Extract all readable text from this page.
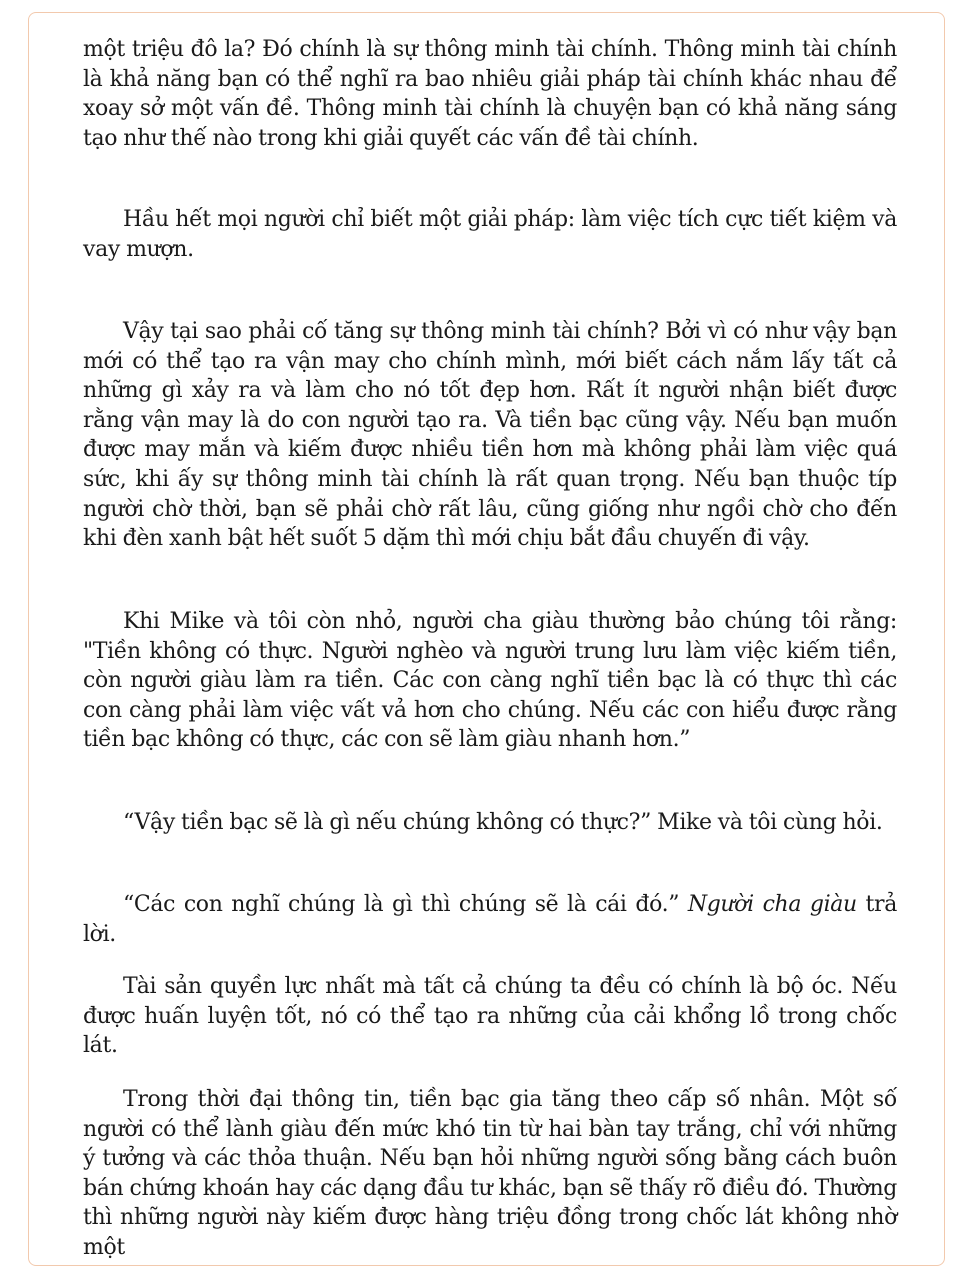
một triệu đô la? Đó chính là sự thông minh tài chính. Thông minh tài chính là khả năng bạn có thể nghĩ ra bao nhiêu giải pháp tài chính khác nhau để xoay sở một vấn đề. Thông minh tài chính là chuyện bạn có khả năng sáng tạo như thế nào trong khi giải quyết các vấn đề tài chính.

Hầu hết mọi người chỉ biết một giải pháp: làm việc tích cực tiết kiệm và vay mượn.

Vậy tại sao phải cố tăng sự thông minh tài chính? Bởi vì có như vậy bạn mới có thể tạo ra vận may cho chính mình, mới biết cách nắm lấy tất cả những gì xảy ra và làm cho nó tốt đẹp hơn. Rất ít người nhận biết được rằng vận may là do con người tạo ra. Và tiền bạc cũng vậy. Nếu bạn muốn được may mắn và kiếm được nhiều tiền hơn mà không phải làm việc quá sức, khi ấy sự thông minh tài chính là rất quan trọng. Nếu bạn thuộc típ người chờ thời, bạn sẽ phải chờ rất lâu, cũng giống như ngồi chờ cho đến khi đèn xanh bật hết suốt 5 dặm thì mới chịu bắt đầu chuyến đi vậy.

Khi Mike và tôi còn nhỏ, người cha giàu thường bảo chúng tôi rằng: "Tiền không có thực. Người nghèo và người trung lưu làm việc kiếm tiền, còn người giàu làm ra tiền. Các con càng nghĩ tiền bạc là có thực thì các con càng phải làm việc vất vả hơn cho chúng. Nếu các con hiểu được rằng tiền bạc không có thực, các con sẽ làm giàu nhanh hơn.”

“Vậy tiền bạc sẽ là gì nếu chúng không có thực?” Mike và tôi cùng hỏi.

“Các con nghĩ chúng là gì thì chúng sẽ là cái đó.” Người cha giàu trả lời.

Tài sản quyền lực nhất mà tất cả chúng ta đều có chính là bộ óc. Nếu được huấn luyện tốt, nó có thể tạo ra những của cải khổng lồ trong chốc lát.

Trong thời đại thông tin, tiền bạc gia tăng theo cấp số nhân. Một số người có thể lành giàu đến mức khó tin từ hai bàn tay trắng, chỉ với những ý tưởng và các thỏa thuận. Nếu bạn hỏi những người sống bằng cách buôn bán chứng khoán hay các dạng đầu tư khác, bạn sẽ thấy rõ điều đó. Thường thì những người này kiếm được hàng triệu đồng trong chốc lát không nhờ một
